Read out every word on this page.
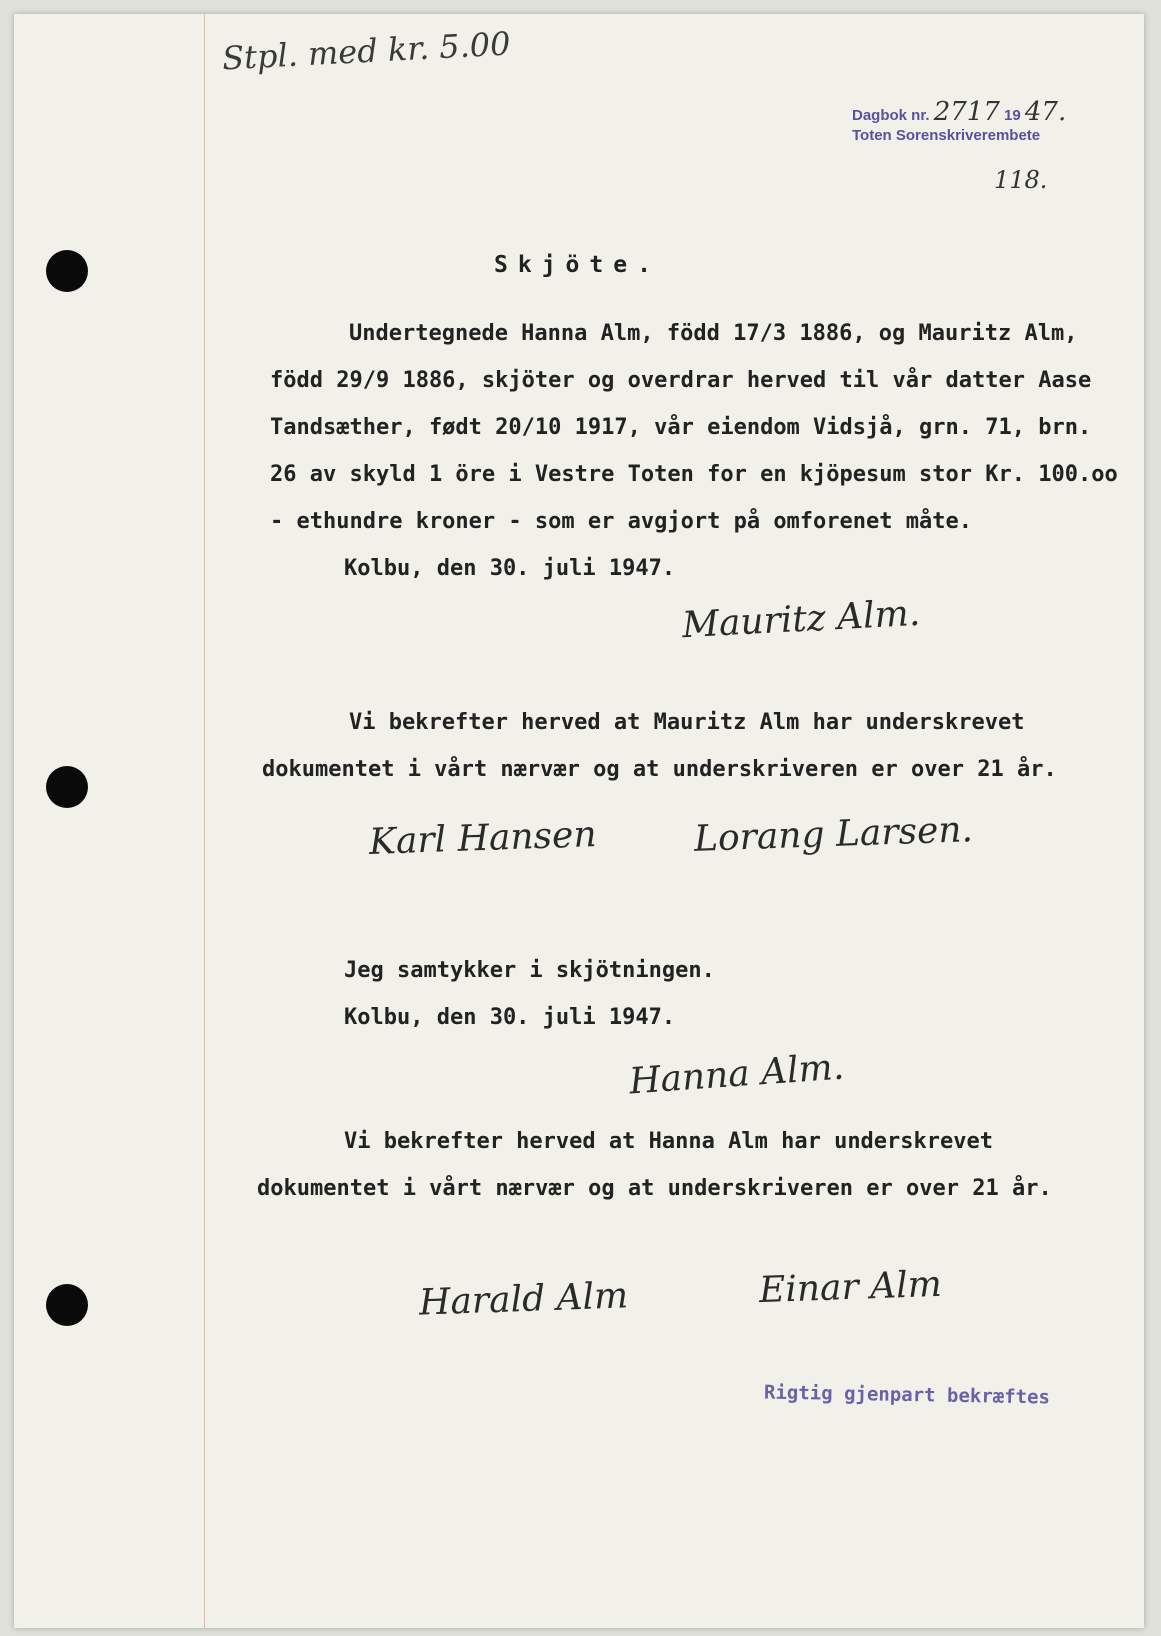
Stpl. med kr. 5.00
Dagbok nr. 2717 19 47.
Toten Sorenskriverembete
118.
Skjöte.
Undertegnede Hanna Alm, född 17/3 1886, og Mauritz Alm,
född 29/9 1886, skjöter og overdrar herved til vår datter Aase
Tandsæther, født 20/10 1917, vår eiendom Vidsjå, grn. 71, brn.
26 av skyld 1 öre i Vestre Toten for en kjöpesum stor Kr. 100.oo
- ethundre kroner - som er avgjort på omforenet måte.
Kolbu, den 30. juli 1947.
Mauritz Alm.
Vi bekrefter herved at Mauritz Alm har underskrevet
dokumentet i vårt nærvær og at underskriveren er over 21 år.
Karl Hansen	Lorang Larsen.
Jeg samtykker i skjötningen.
Kolbu, den 30. juli 1947.
Hanna Alm.
Vi bekrefter herved at Hanna Alm har underskrevet
dokumentet i vårt nærvær og at underskriveren er over 21 år.
Harald Alm	Einar Alm
Rigtig gjenpart bekræftes
